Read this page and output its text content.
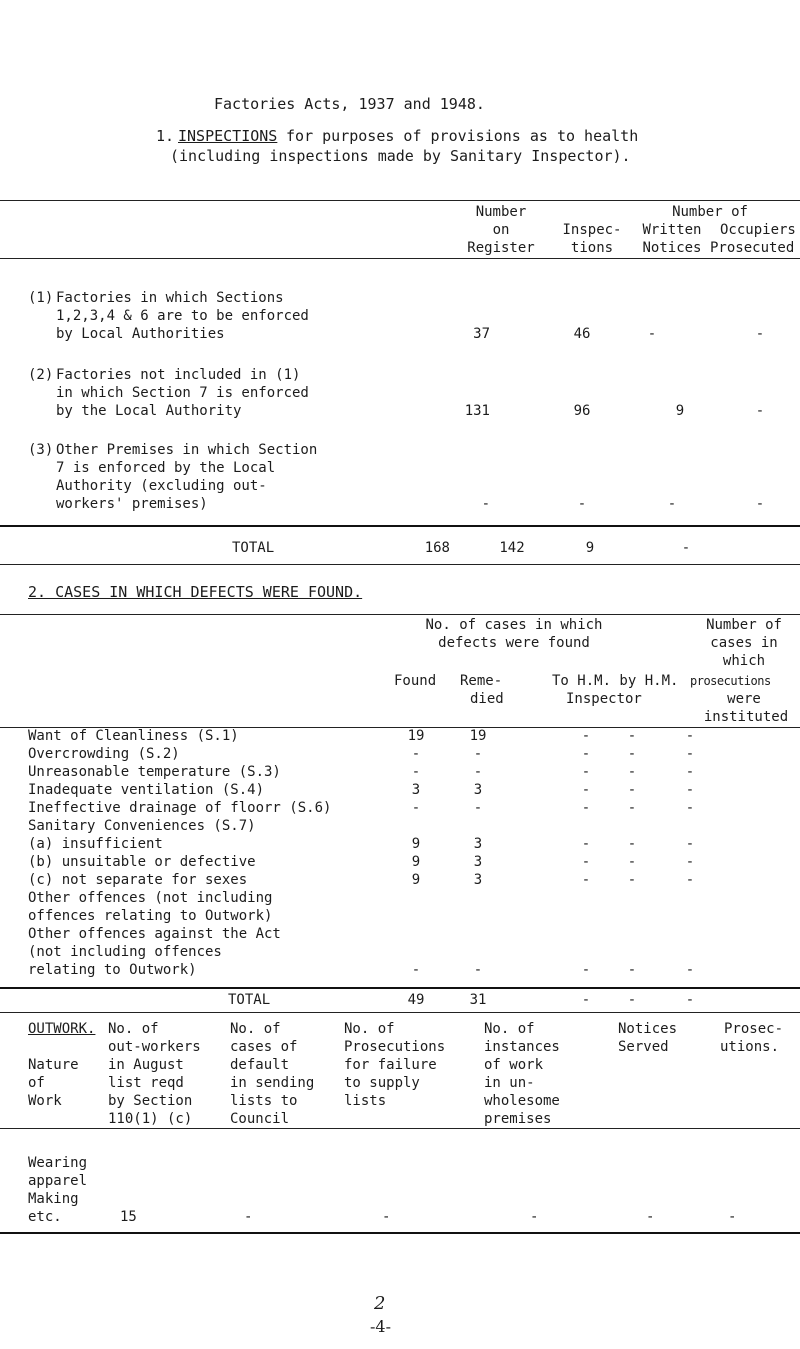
Factories Acts, 1937 and 1948.
1. INSPECTIONS for purposes of provisions as to health
(including inspections made by Sanitary Inspector).
Number
on
Register
Inspec-
tions
Number of
Written
Notices
Occupiers
Prosecuted
(1) Factories in which Sections
1,2,3,4 & 6 are to be enforced
by Local Authorities	37	46	-	-
(2) Factories not included in (1)
in which Section 7 is enforced
by the Local Authority	131	96	9	-
(3) Other Premises in which Section
7 is enforced by the Local
Authority (excluding out-
workers' premises)	-	-	-	-
TOTAL	168	142	9	-
2. CASES IN WHICH DEFECTS WERE FOUND.
No. of cases in which
defects were found
Found Reme-
died
To H.M. by H.M.
Inspector
Number of
cases in
which
prosecutions
were
instituted
Want of Cleanliness (S.1)	19	19	-	-	-
Overcrowding (S.2)	-	-	-	-	-
Unreasonable temperature (S.3)	-	-	-	-	-
Inadequate ventilation (S.4)	3	3	-	-	-
Ineffective drainage of floorr (S.6)	-	-	-	-	-
Sanitary Conveniences (S.7)
(a) insufficient	9	3	-	-	-
(b) unsuitable or defective	9	3	-	-	-
(c) not separate for sexes	9	3	-	-	-
Other offences (not including
offences relating to Outwork)
Other offences against the Act
(not including offences
relating to Outwork)	-	-	-	-	-
TOTAL	49	31	-	-	-
OUTWORK.
Nature
of
Work
No. of
out-workers
in August
list reqd
by Section
110(1) (c)
No. of
cases of
default
in sending
lists to
Council
No. of
Prosecutions
for failure
to supply
lists
No. of
instances
of work
in un-
wholesome
premises
Notices
Served
Prosec-
utions.
Wearing
apparel
Making
etc.	15	-	-	-	-	-
2
-4-
